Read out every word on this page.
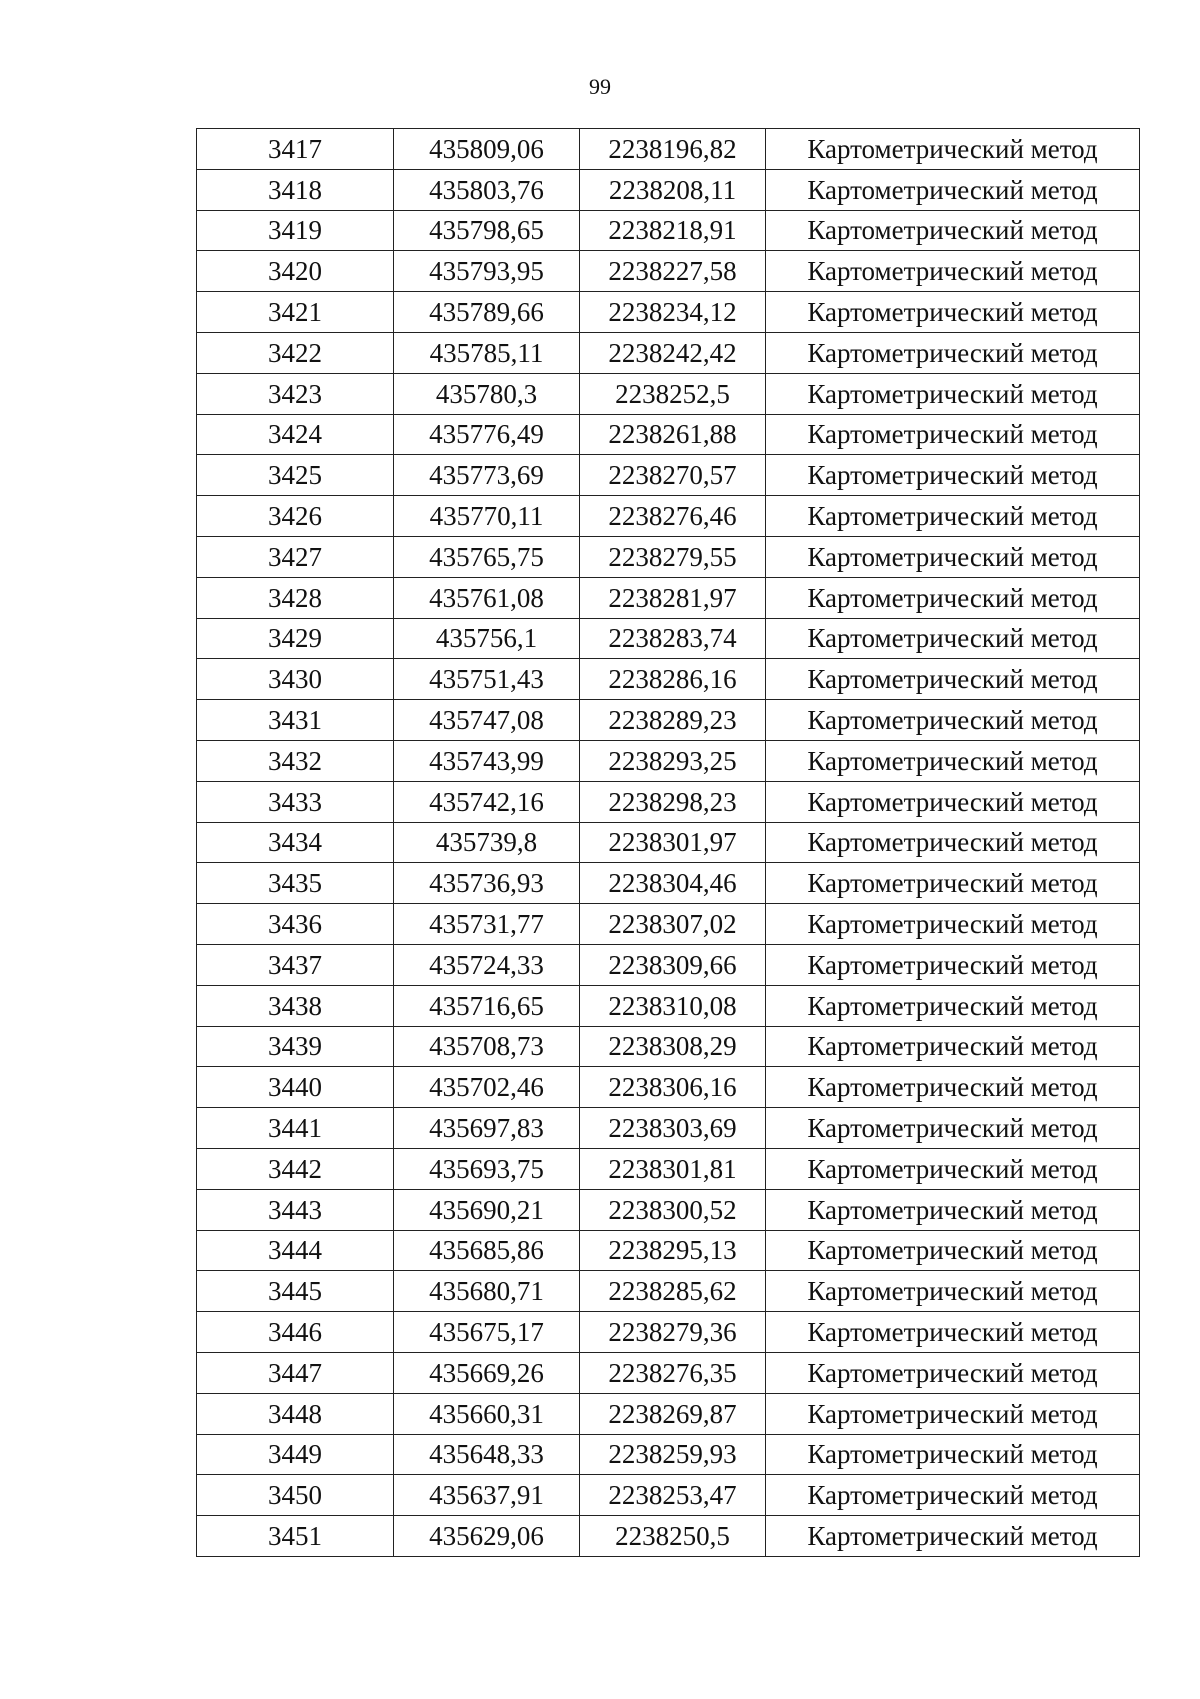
99
3417	435809,06	2238196,82	Картометрический метод
3418	435803,76	2238208,11	Картометрический метод
3419	435798,65	2238218,91	Картометрический метод
3420	435793,95	2238227,58	Картометрический метод
3421	435789,66	2238234,12	Картометрический метод
3422	435785,11	2238242,42	Картометрический метод
3423	435780,3	2238252,5	Картометрический метод
3424	435776,49	2238261,88	Картометрический метод
3425	435773,69	2238270,57	Картометрический метод
3426	435770,11	2238276,46	Картометрический метод
3427	435765,75	2238279,55	Картометрический метод
3428	435761,08	2238281,97	Картометрический метод
3429	435756,1	2238283,74	Картометрический метод
3430	435751,43	2238286,16	Картометрический метод
3431	435747,08	2238289,23	Картометрический метод
3432	435743,99	2238293,25	Картометрический метод
3433	435742,16	2238298,23	Картометрический метод
3434	435739,8	2238301,97	Картометрический метод
3435	435736,93	2238304,46	Картометрический метод
3436	435731,77	2238307,02	Картометрический метод
3437	435724,33	2238309,66	Картометрический метод
3438	435716,65	2238310,08	Картометрический метод
3439	435708,73	2238308,29	Картометрический метод
3440	435702,46	2238306,16	Картометрический метод
3441	435697,83	2238303,69	Картометрический метод
3442	435693,75	2238301,81	Картометрический метод
3443	435690,21	2238300,52	Картометрический метод
3444	435685,86	2238295,13	Картометрический метод
3445	435680,71	2238285,62	Картометрический метод
3446	435675,17	2238279,36	Картометрический метод
3447	435669,26	2238276,35	Картометрический метод
3448	435660,31	2238269,87	Картометрический метод
3449	435648,33	2238259,93	Картометрический метод
3450	435637,91	2238253,47	Картометрический метод
3451	435629,06	2238250,5	Картометрический метод
